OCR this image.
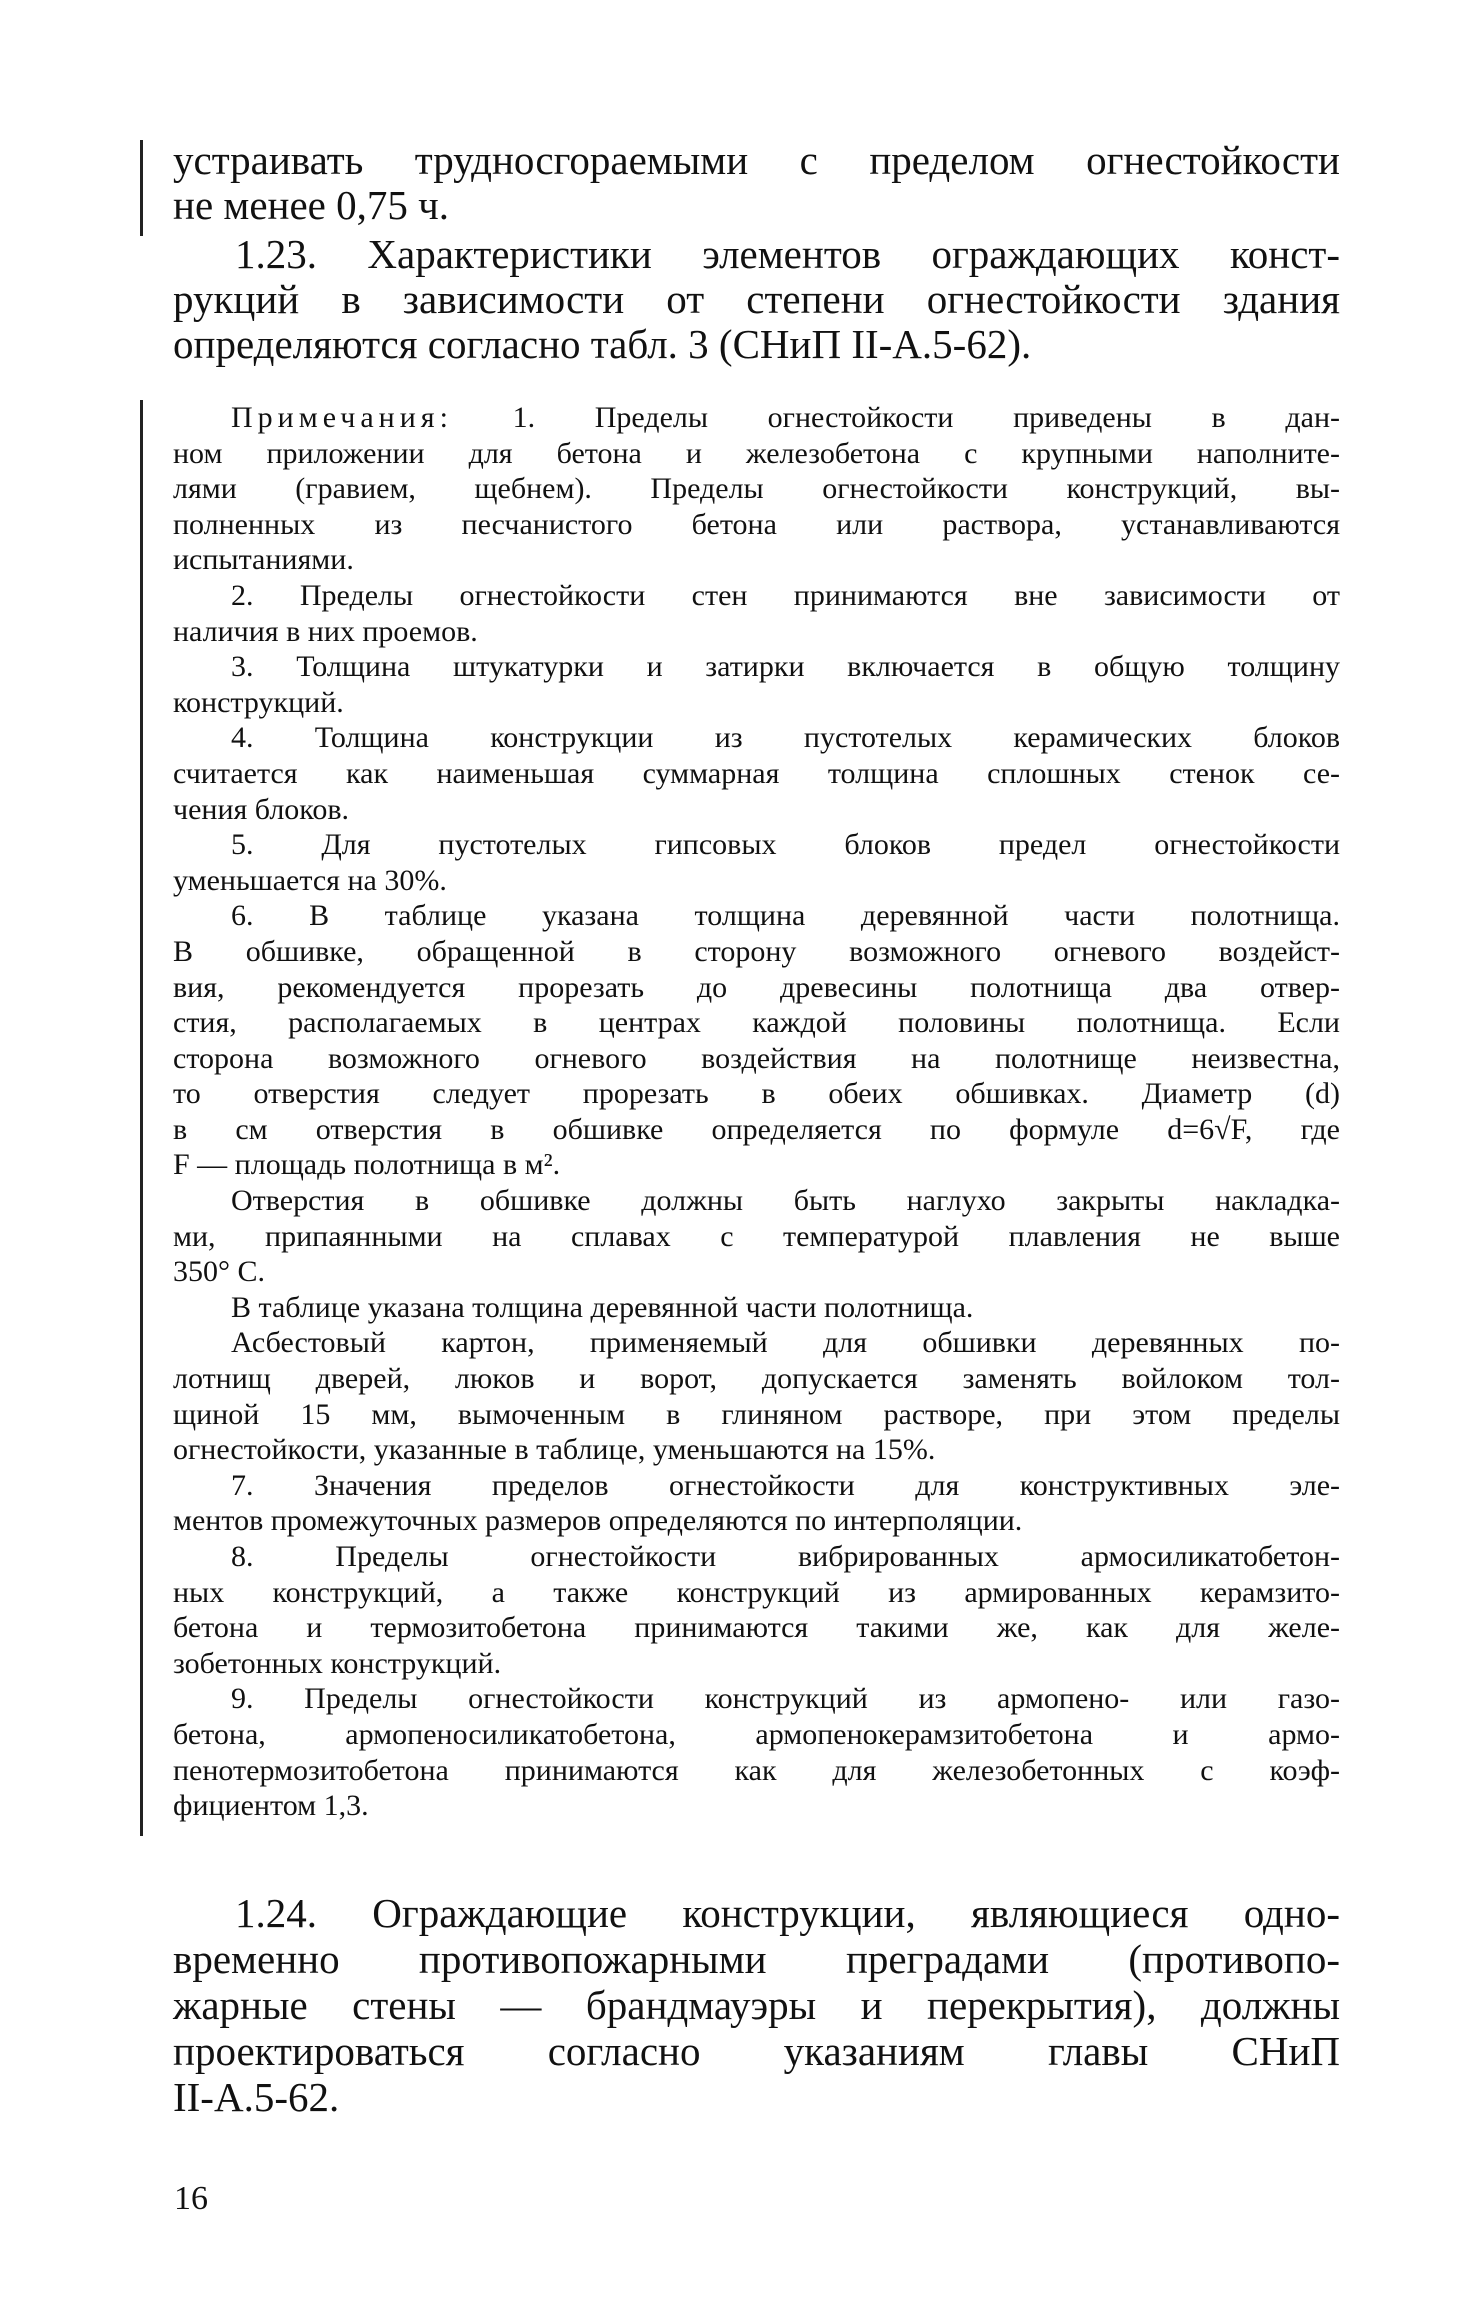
устраивать трудносгораемыми с пределом огнестойкости
не менее 0,75 ч.
1.23. Характеристики элементов ограждающих конст-
рукций в зависимости от степени огнестойкости здания
определяются согласно табл. 3 (СНиП II-А.5-62).
Примечания: 1. Пределы огнестойкости приведены в дан-
ном приложении для бетона и железобетона с крупными наполните-
лями (гравием, щебнем). Пределы огнестойкости конструкций, вы-
полненных из песчанистого бетона или раствора, устанавливаются
испытаниями.
2. Пределы огнестойкости стен принимаются вне зависимости от
наличия в них проемов.
3. Толщина штукатурки и затирки включается в общую толщину
конструкций.
4. Толщина конструкции из пустотелых керамических блоков
считается как наименьшая суммарная толщина сплошных стенок се-
чения блоков.
5. Для пустотелых гипсовых блоков предел огнестойкости
уменьшается на 30%.
6. В таблице указана толщина деревянной части полотнища.
В обшивке, обращенной в сторону возможного огневого воздейст-
вия, рекомендуется прорезать до древесины полотнища два отвер-
стия, располагаемых в центрах каждой половины полотнища. Если
сторона возможного огневого воздействия на полотнище неизвестна,
то отверстия следует прорезать в обеих обшивках. Диаметр (d)
в см отверстия в обшивке определяется по формуле d=6√F, где
F — площадь полотнища в м².
Отверстия в обшивке должны быть наглухо закрыты накладка-
ми, припаянными на сплавах с температурой плавления не выше
350° С.
В таблице указана толщина деревянной части полотнища.
Асбестовый картон, применяемый для обшивки деревянных по-
лотнищ дверей, люков и ворот, допускается заменять войлоком тол-
щиной 15 мм, вымоченным в глиняном растворе, при этом пределы
огнестойкости, указанные в таблице, уменьшаются на 15%.
7. Значения пределов огнестойкости для конструктивных эле-
ментов промежуточных размеров определяются по интерполяции.
8. Пределы огнестойкости вибрированных армосиликатобетон-
ных конструкций, а также конструкций из армированных керамзито-
бетона и термозитобетона принимаются такими же, как для желе-
зобетонных конструкций.
9. Пределы огнестойкости конструкций из армопено- или газо-
бетона, армопеносиликатобетона, армопенокерамзитобетона и армо-
пенотермозитобетона принимаются как для железобетонных с коэф-
фициентом 1,3.
1.24. Ограждающие конструкции, являющиеся одно-
временно противопожарными преградами (противопо-
жарные стены — брандмауэры и перекрытия), должны
проектироваться согласно указаниям главы СНиП
II-А.5-62.
16
